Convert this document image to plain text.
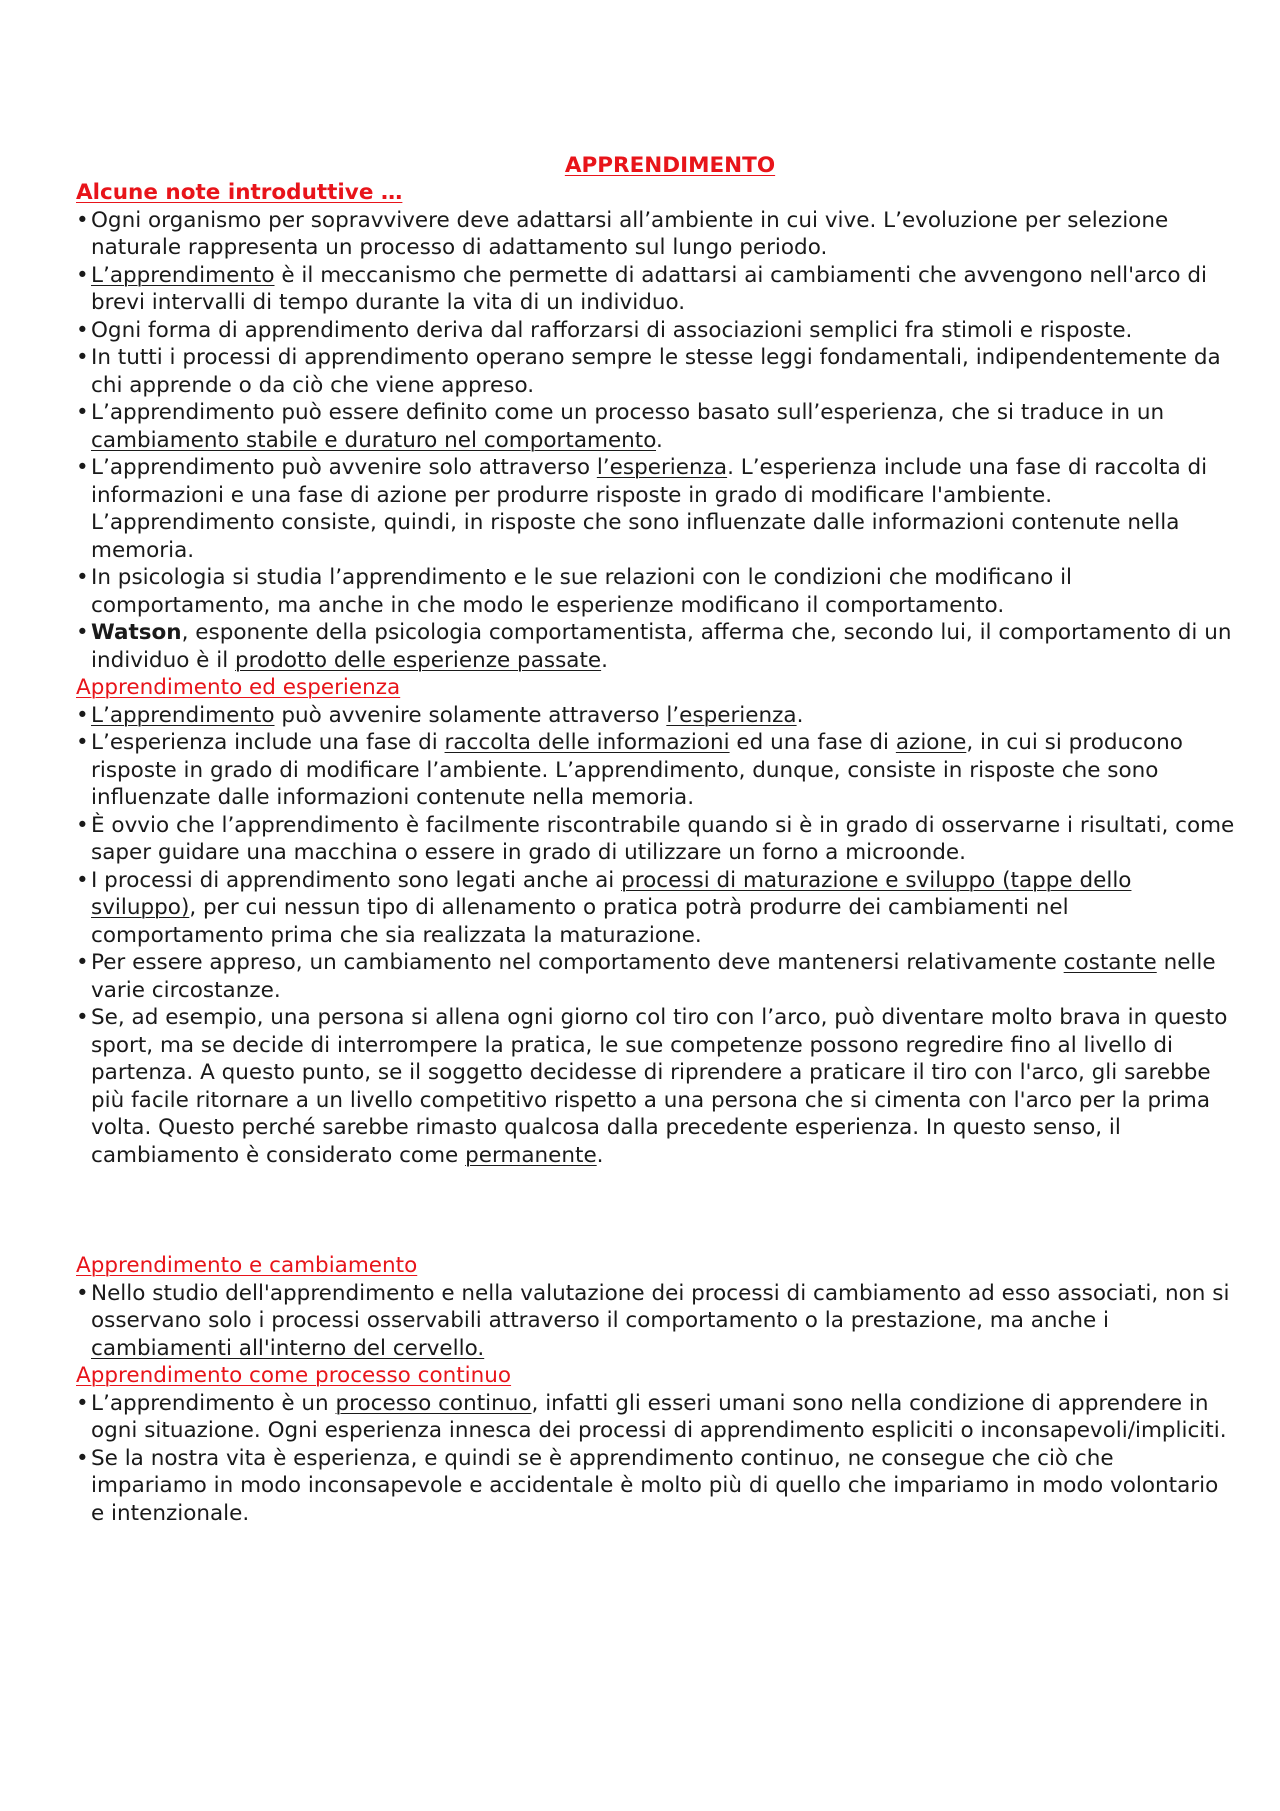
APPRENDIMENTO
Alcune note introduttive …
• Ogni organismo per sopravvivere deve adattarsi all’ambiente in cui vive. L’evoluzione per selezione naturale rappresenta un processo di adattamento sul lungo periodo.
• L’apprendimento è il meccanismo che permette di adattarsi ai cambiamenti che avvengono nell'arco di brevi intervalli di tempo durante la vita di un individuo.
• Ogni forma di apprendimento deriva dal rafforzarsi di associazioni semplici fra stimoli e risposte.
• In tutti i processi di apprendimento operano sempre le stesse leggi fondamentali, indipendentemente da chi apprende o da ciò che viene appreso.
• L’apprendimento può essere definito come un processo basato sull’esperienza, che si traduce in un cambiamento stabile e duraturo nel comportamento.
• L’apprendimento può avvenire solo attraverso l’esperienza. L’esperienza include una fase di raccolta di informazioni e una fase di azione per produrre risposte in grado di modificare l'ambiente. L’apprendimento consiste, quindi, in risposte che sono influenzate dalle informazioni contenute nella memoria.
• In psicologia si studia l’apprendimento e le sue relazioni con le condizioni che modificano il comportamento, ma anche in che modo le esperienze modificano il comportamento.
• Watson, esponente della psicologia comportamentista, afferma che, secondo lui, il comportamento di un individuo è il prodotto delle esperienze passate.
Apprendimento ed esperienza
• L’apprendimento può avvenire solamente attraverso l’esperienza.
• L’esperienza include una fase di raccolta delle informazioni ed una fase di azione, in cui si producono risposte in grado di modificare l’ambiente. L’apprendimento, dunque, consiste in risposte che sono influenzate dalle informazioni contenute nella memoria.
• È ovvio che l’apprendimento è facilmente riscontrabile quando si è in grado di osservarne i risultati, come saper guidare una macchina o essere in grado di utilizzare un forno a microonde.
• I processi di apprendimento sono legati anche ai processi di maturazione e sviluppo (tappe dello sviluppo), per cui nessun tipo di allenamento o pratica potrà produrre dei cambiamenti nel comportamento prima che sia realizzata la maturazione.
• Per essere appreso, un cambiamento nel comportamento deve mantenersi relativamente costante nelle varie circostanze.
• Se, ad esempio, una persona si allena ogni giorno col tiro con l’arco, può diventare molto brava in questo sport, ma se decide di interrompere la pratica, le sue competenze possono regredire fino al livello di partenza. A questo punto, se il soggetto decidesse di riprendere a praticare il tiro con l'arco, gli sarebbe più facile ritornare a un livello competitivo rispetto a una persona che si cimenta con l'arco per la prima volta. Questo perché sarebbe rimasto qualcosa dalla precedente esperienza. In questo senso, il cambiamento è considerato come permanente.
Apprendimento e cambiamento
• Nello studio dell'apprendimento e nella valutazione dei processi di cambiamento ad esso associati, non si osservano solo i processi osservabili attraverso il comportamento o la prestazione, ma anche i cambiamenti all'interno del cervello.
Apprendimento come processo continuo
• L’apprendimento è un processo continuo, infatti gli esseri umani sono nella condizione di apprendere in ogni situazione. Ogni esperienza innesca dei processi di apprendimento espliciti o inconsapevoli/impliciti.
• Se la nostra vita è esperienza, e quindi se è apprendimento continuo, ne consegue che ciò che impariamo in modo inconsapevole e accidentale è molto più di quello che impariamo in modo volontario e intenzionale.
